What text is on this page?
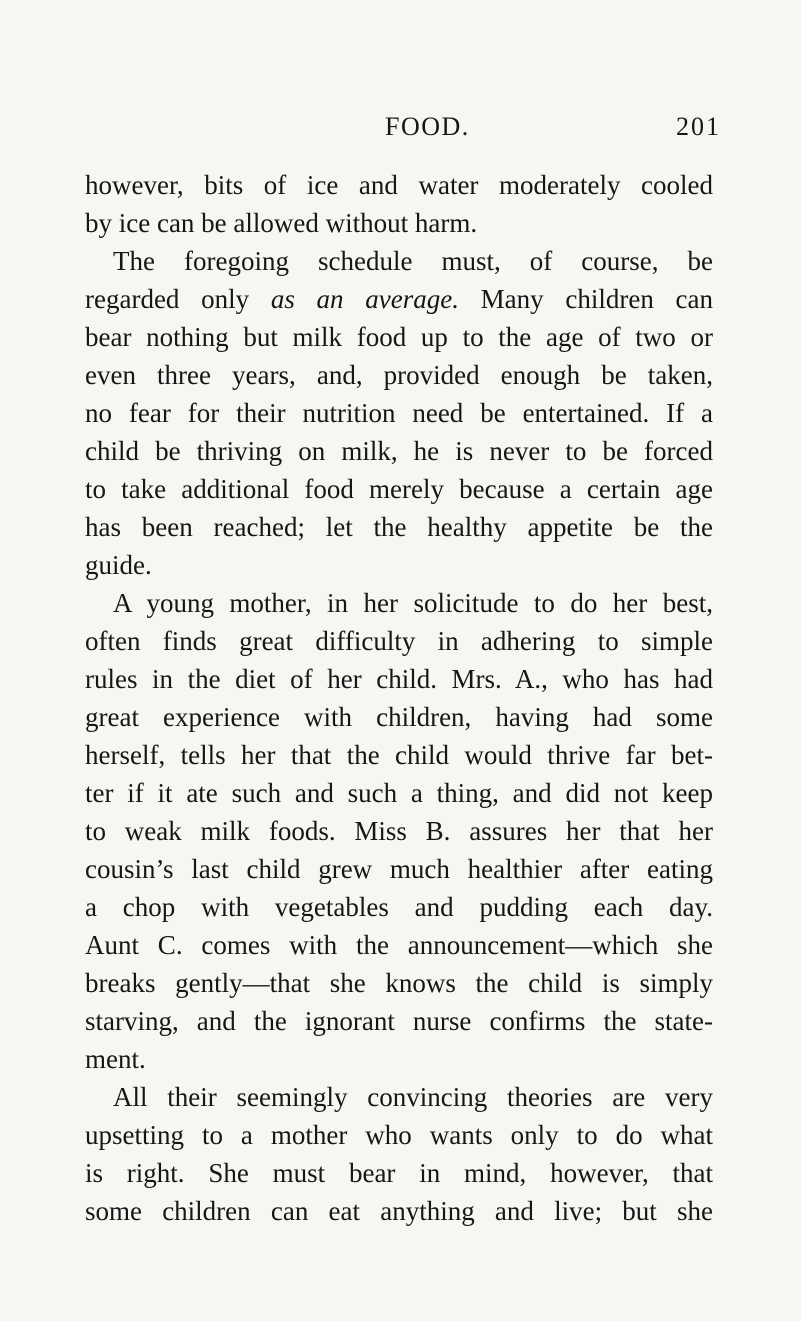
FOOD.	201
however, bits of ice and water moderately cooled
by ice can be allowed without harm.
The foregoing schedule must, of course, be
regarded only as an average. Many children can
bear nothing but milk food up to the age of two or
even three years, and, provided enough be taken,
no fear for their nutrition need be entertained. If a
child be thriving on milk, he is never to be forced
to take additional food merely because a certain age
has been reached; let the healthy appetite be the
guide.
A young mother, in her solicitude to do her best,
often finds great difficulty in adhering to simple
rules in the diet of her child. Mrs. A., who has had
great experience with children, having had some
herself, tells her that the child would thrive far bet-
ter if it ate such and such a thing, and did not keep
to weak milk foods. Miss B. assures her that her
cousin’s last child grew much healthier after eating
a chop with vegetables and pudding each day.
Aunt C. comes with the announcement—which she
breaks gently—that she knows the child is simply
starving, and the ignorant nurse confirms the state-
ment.
All their seemingly convincing theories are very
upsetting to a mother who wants only to do what
is right. She must bear in mind, however, that
some children can eat anything and live; but she
